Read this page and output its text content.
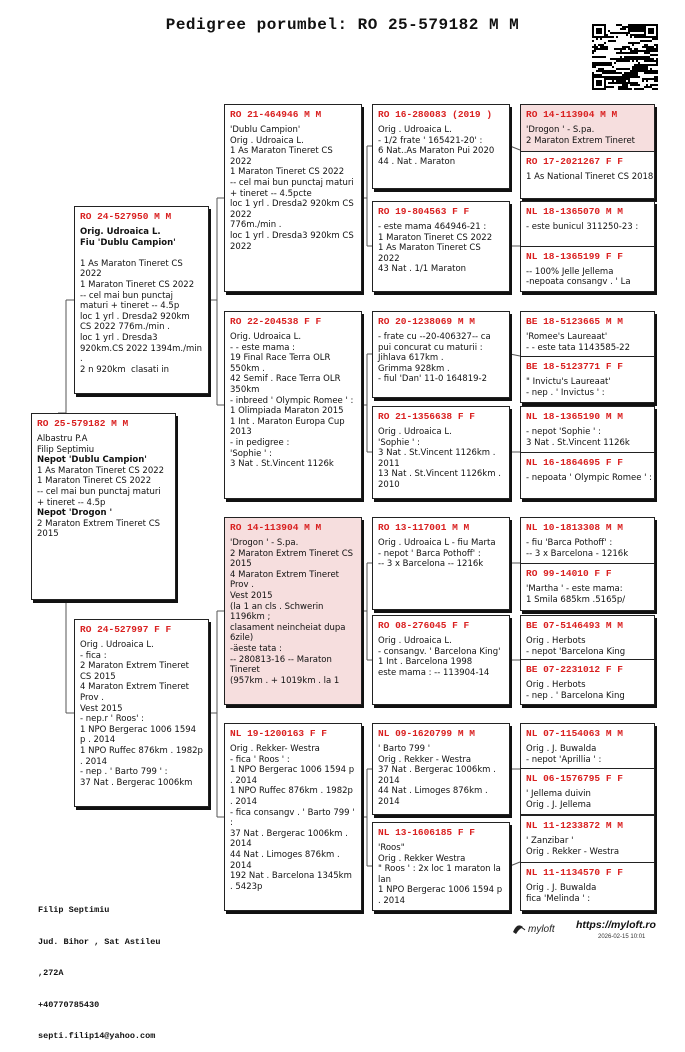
Pedigree porumbel: RO 25-579182 M M
RO 25-579182 M M
Albastru P.A
Filip Septimiu
Nepot 'Dublu Campion'
1 As Maraton Tineret CS 2022
1 Maraton Tineret CS 2022
-- cel mai bun punctaj maturi + tineret -- 4.5p
Nepot 'Drogon '
2 Maraton Extrem Tineret CS 2015
RO 24-527950 M M
Orig. Udroaica L.
Fiu 'Dublu Campion'

1 As Maraton Tineret CS 2022
1 Maraton Tineret CS 2022
-- cel mai bun punctaj maturi + tineret -- 4.5p
loc 1 yrl . Dresda2 920km CS 2022 776m./min .
loc 1 yrl . Dresda3 920km.CS 2022 1394m./min .
2 n 920km  clasati in
RO 24-527997 F F
Orig . Udroaica L.
- fica :
2 Maraton Extrem Tineret CS 2015
4 Maraton Extrem Tineret Prov .
Vest 2015
- nep.r ' Roos' :
1 NPO Bergerac 1006 1594 p . 2014
1 NPO Ruffec 876km . 1982p . 2014
- nep . ' Barto 799 ' :
37 Nat . Bergerac 1006km
RO 21-464946 M M
'Dublu Campion'
Orig . Udroaica L.
1 As Maraton Tineret CS 2022
1 Maraton Tineret CS 2022
-- cel mai bun punctaj maturi + tineret -- 4.5pcte
loc 1 yrl . Dresda2 920km CS 2022
776m./min .
loc 1 yrl . Dresda3 920km CS 2022
RO 22-204538 F F
Orig. Udroaica L.
- - este mama :
19 Final Race Terra OLR 550km .
42 Semif . Race Terra OLR 350km
- inbreed ' Olympic Romee ' :
1 Olimpiada Maraton 2015
1 Int . Maraton Europa Cup 2013
- in pedigree :
'Sophie ' :
3 Nat . St.Vincent 1126k
RO 14-113904 M M
'Drogon ' - S.pa.
2 Maraton Extrem Tineret CS 2015
4 Maraton Extrem Tineret Prov .
Vest 2015
(la 1 an cls . Schwerin 1196km ;
clasament neincheiat dupa 6zile)
-äeste tata :
-- 280813-16 -- Maraton Tineret
(957km . + 1019km . la 1
NL 19-1200163 F F
Orig . Rekker- Westra
- fica ' Roos ' :
1 NPO Bergerac 1006 1594 p . 2014
1 NPO Ruffec 876km . 1982p . 2014
- fica consangv . ' Barto 799 ' :
37 Nat . Bergerac 1006km . 2014
44 Nat . Limoges 876km . 2014
192 Nat . Barcelona 1345km . 5423p
RO 16-280083 (2019 )
Orig . Udroaica L.
- 1/2 frate ' 165421-20' :
6 Nat..As Maraton Pui 2020
44 . Nat . Maraton
RO 19-804563 F F
- este mama 464946-21 :
1 Maraton Tineret CS 2022
1 As Maraton Tineret CS 2022
43 Nat . 1/1 Maraton
RO 20-1238069 M M
- frate cu --20-406327-- ca pui concurat cu maturii :
Jihlava 617km .
Grimma 928km .
- fiul 'Dan' 11-0 164819-2
RO 21-1356638 F F
Orig . Udroaica L.
'Sophie ' :
3 Nat . St.Vincent 1126km . 2011
13 Nat . St.Vincent 1126km . 2010
RO 13-117001 M M
Orig . Udroaica L - fiu Marta
- nepot ' Barca Pothoff' :
-- 3 x Barcelona -- 1216k
RO 08-276045 F F
Orig . Udroaica L.
- consangv. ' Barcelona King'
1 Int . Barcelona 1998
este mama : -- 113904-14
NL 09-1620799 M M
' Barto 799 '
Orig . Rekker - Westra
37 Nat . Bergerac 1006km . 2014
44 Nat . Limoges 876km . 2014
NL 13-1606185 F F
'Roos"
Orig . Rekker Westra
" Roos ' : 2x loc 1 maraton la lan
1 NPO Bergerac 1006 1594 p . 2014
RO 14-113904 M M
'Drogon ' - S.pa.
2 Maraton Extrem Tineret
RO 17-2021267 F F
1 As National Tineret CS 2018
NL 18-1365070 M M
- este bunicul 311250-23 :
NL 18-1365199 F F
-- 100% Jelle Jellema
-nepoata consangv . ' La
BE 18-5123665 M M
'Romee's Laureaat'
- - este tata 1143585-22
BE 18-5123771 F F
" Invictu's Laureaat'
- nep . ' Invictus ' :
NL 18-1365190 M M
- nepot 'Sophie ' :
3 Nat . St.Vincent 1126k
NL 16-1864695 F F
- nepoata ' Olympic Romee ' :
NL 10-1813308 M M
- fiu 'Barca Pothoff' :
-- 3 x Barcelona - 1216k
RO 99-14010 F F
'Martha ' - este mama:
1 Smila 685km .5165p/
BE 07-5146493 M M
Orig . Herbots
- nepot 'Barcelona King
BE 07-2231012 F F
Orig . Herbots
- nep . ' Barcelona King
NL 07-1154063 M M
Orig . J. Buwalda
- nepot 'Aprillia ' :
NL 06-1576795 F F
' Jellema duivin
Orig . J. Jellema
NL 11-1233872 M M
' Zanzibar '
Orig . Rekker - Westra
NL 11-1134570 F F
Orig . J. Buwalda
fica 'Melinda ' :

Filip Septimiu

Jud. Bihor , Sat Astileu

,272A

+40770785430

septi.filip14@yahoo.com

myloft https://myloft.ro
2026-02-15 10:01
